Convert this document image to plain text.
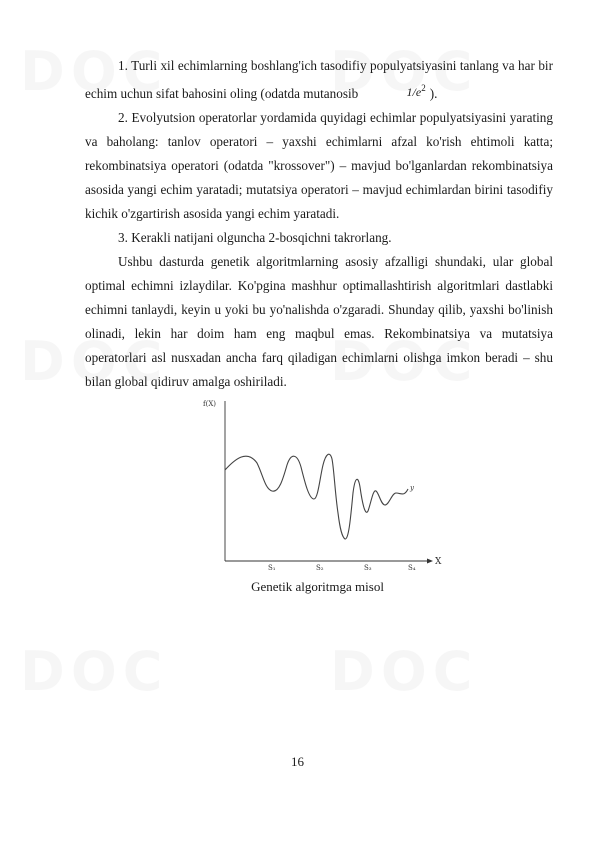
1. Turli xil echimlarning boshlang'ich tasodifiy populyatsiyasini tanlang va har bir echim uchun sifat bahosini oling (odatda mutanosib	$1/e^2$ ).

2. Evolyutsion operatorlar yordamida quyidagi echimlar populyatsiyasini yarating va baholang: tanlov operatori – yaxshi echimlarni afzal ko'rish ehtimoli katta; rekombinatsiya operatori (odatda "krossover") – mavjud bo'lganlardan rekombinatsiya asosida yangi echim yaratadi; mutatsiya operatori – mavjud echimlardan birini tasodifiy kichik o'zgartirish asosida yangi echim yaratadi.

3. Kerakli natijani olguncha 2-bosqichni takrorlang.

Ushbu dasturda genetik algoritmlarning asosiy afzalligi shundaki, ular global optimal echimni izlaydilar. Ko'pgina mashhur optimallashtirish algoritmlari dastlabki echimni tanlaydi, keyin u yoki bu yo'nalishda o'zgaradi. Shunday qilib, yaxshi bo'linish olinadi, lekin har doim ham eng maqbul emas. Rekombinatsiya va mutatsiya operatorlari asl nusxadan ancha farq qiladigan echimlarni olishga imkon beradi – shu bilan global qidiruv amalga oshiriladi.

f(X)
X
y
S₁	S₂	S₃	S₄
Genetik algoritmga misol
16
